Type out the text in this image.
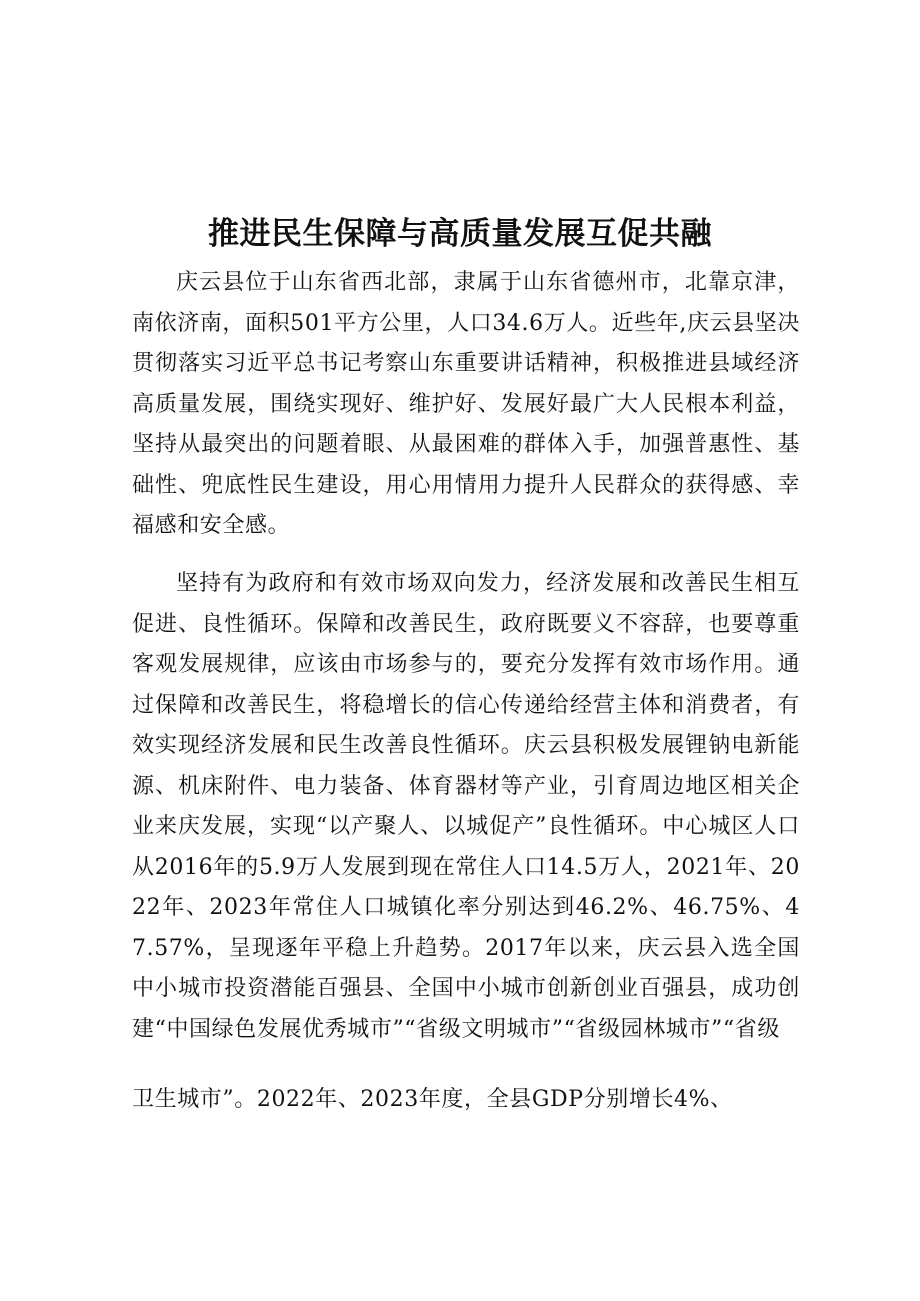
推进民生保障与高质量发展互促共融

庆云县位于山东省西北部，隶属于山东省德州市，北靠京津，南依济南，面积501平方公里，人口34.6万人。近些年,庆云县坚决贯彻落实习近平总书记考察山东重要讲话精神，积极推进县域经济高质量发展，围绕实现好、维护好、发展好最广大人民根本利益，坚持从最突出的问题着眼、从最困难的群体入手，加强普惠性、基础性、兜底性民生建设，用心用情用力提升人民群众的获得感、幸福感和安全感。

坚持有为政府和有效市场双向发力，经济发展和改善民生相互促进、良性循环。保障和改善民生，政府既要义不容辞，也要尊重客观发展规律，应该由市场参与的，要充分发挥有效市场作用。通过保障和改善民生，将稳增长的信心传递给经营主体和消费者，有效实现经济发展和民生改善良性循环。庆云县积极发展锂钠电新能源、机床附件、电力装备、体育器材等产业，引育周边地区相关企业来庆发展，实现“以产聚人、以城促产”良性循环。中心城区人口从2016年的5.9万人发展到现在常住人口14.5万人，2021年、2022年、2023年常住人口城镇化率分别达到46.2%、46.75%、47.57%，呈现逐年平稳上升趋势。2017年以来，庆云县入选全国中小城市投资潜能百强县、全国中小城市创新创业百强县，成功创建“中国绿色发展优秀城市”“省级文明城市”“省级园林城市”“省级

卫生城市”。2022年、2023年度，全县GDP分别增长4%、
